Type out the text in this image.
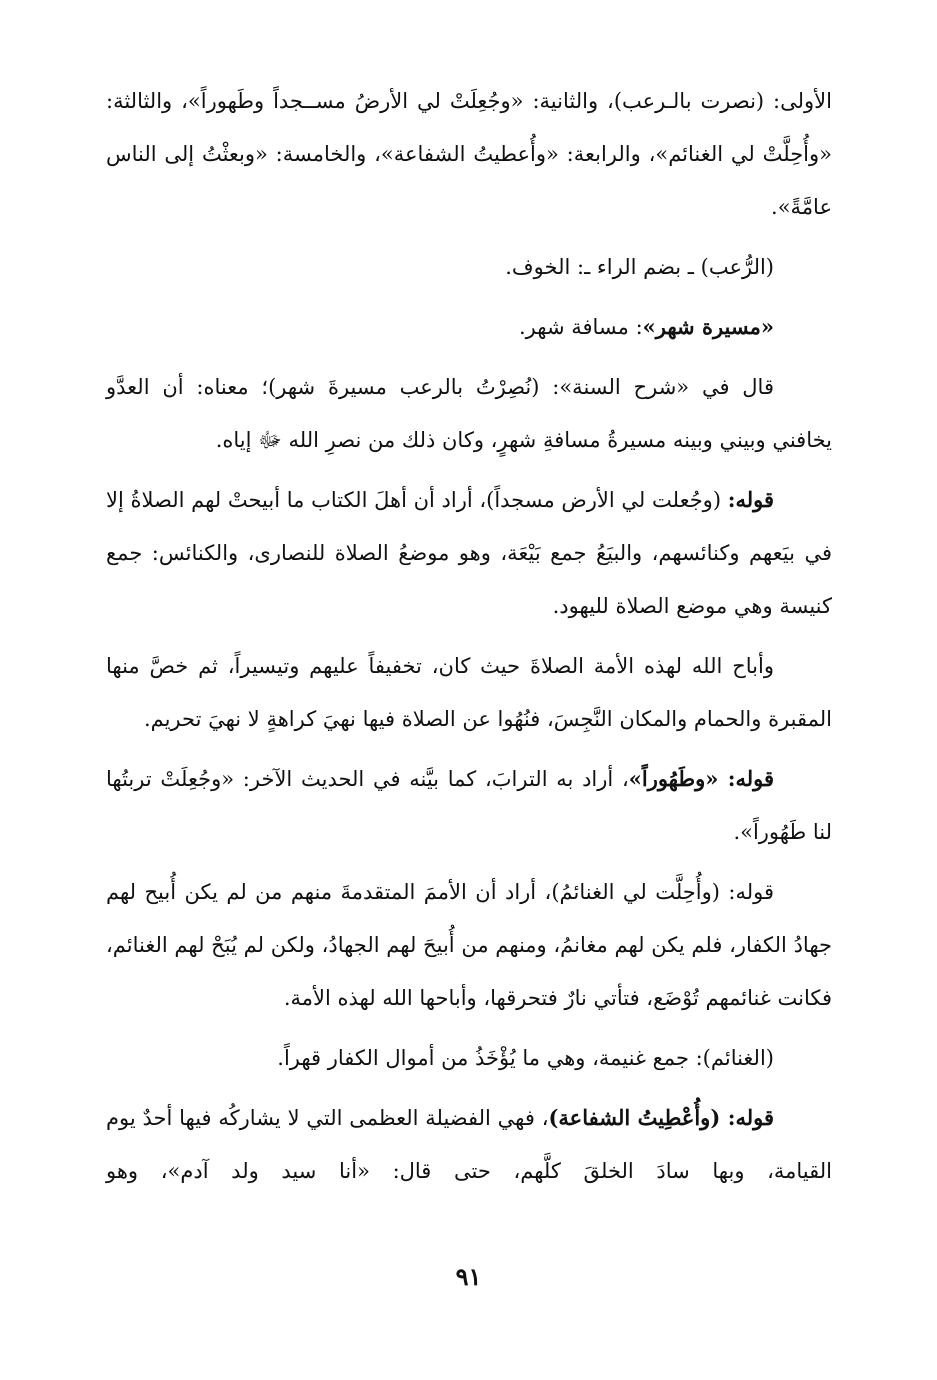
الأولى: (نصرت بالـرعب)، والثانية: «وجُعِلَتْ لي الأرضُ مســجداً وطَهوراً»، والثالثة: «وأُحِلَّتْ لي الغنائم»، والرابعة: «وأُعطيتُ الشفاعة»، والخامسة: «وبعثْتُ إلى الناس عامَّةً».

(الرُّعب) ـ بضم الراء ـ: الخوف.

«مسيرة شهر»: مسافة شهر.

قال في «شرح السنة»: (نُصِرْتُ بالرعب مسيرةَ شهر)؛ معناه: أن العدَّو يخافني وبيني وبينه مسيرةُ مسافةِ شهرٍ، وكان ذلك من نصرِ الله ﷻ إياه.

قوله: (وجُعلت لي الأرض مسجداً)، أراد أن أهلَ الكتاب ما أبيحتْ لهم الصلاةُ إلا في بيَعهم وكنائسهم، والبيَعُ جمع بَيْعَة، وهو موضعُ الصلاة للنصارى، والكنائس: جمع كنيسة وهي موضع الصلاة لليهود.

وأباح الله لهذه الأمة الصلاةَ حيث كان، تخفيفاً عليهم وتيسيراً، ثم خصَّ منها المقبرة والحمام والمكان النَّجِسَ، فنُهُوا عن الصلاة فيها نهيَ كراهةٍ لا نهيَ تحريم.

قوله: «وطَهُوراً»، أراد به الترابَ، كما بيَّنه في الحديث الآخر: «وجُعِلَتْ تربتُها لنا طَهُوراً».

قوله: (وأُحِلَّت لي الغنائمُ)، أراد أن الأممَ المتقدمةَ منهم من لم يكن أُبيح لهم جهادُ الكفار، فلم يكن لهم مغانمُ، ومنهم من أُبيحَ لهم الجهادُ، ولكن لم يُبَحْ لهم الغنائم، فكانت غنائمهم تُوْضَع، فتأتي نارٌ فتحرقها، وأباحها الله لهذه الأمة.

(الغنائم): جمع غنيمة، وهي ما يُؤْخَذُ من أموال الكفار قهراً.

قوله: (وأُعْطِيتُ الشفاعة)، فهي الفضيلة العظمى التي لا يشاركُه فيها أحدٌ يوم القيامة، وبها سادَ الخلقَ كلَّهم، حتى قال: «أنا سيد ولد آدم»، وهو

٩١
